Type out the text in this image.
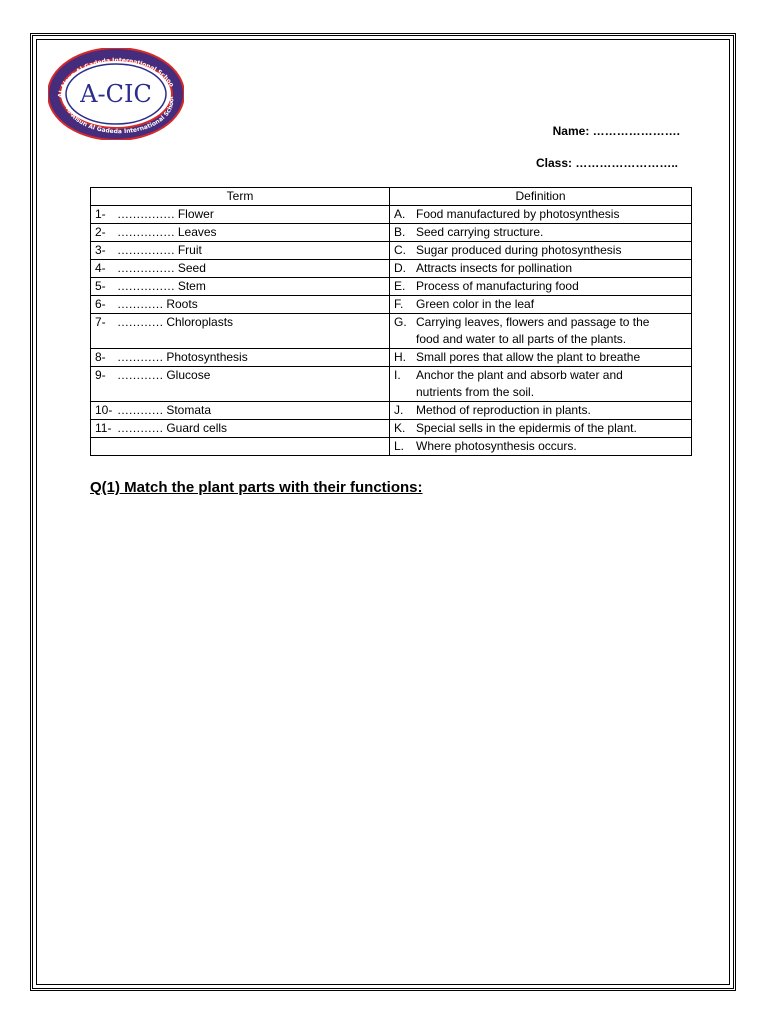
Al-Alsun Al Gadeda International Schoo
Al-Alsun Al Gadeda International School
A-CIC
Name: ………………….
Class: ……………………..
Term	Definition
1- …………… Flower	A. Food manufactured by photosynthesis
2- …………… Leaves	B. Seed carrying structure.
3- …………… Fruit	C. Sugar produced during photosynthesis
4- …………… Seed	D. Attracts insects for pollination
5- …………… Stem	E. Process of manufacturing food
6- ………… Roots	F. Green color in the leaf
7- ………… Chloroplasts	G. Carrying leaves, flowers and passage to the food and water to all parts of the plants.
8- ………… Photosynthesis	H. Small pores that allow the plant to breathe
9- ………… Glucose	I. Anchor the plant and absorb water and nutrients from the soil.
10- ………… Stomata	J. Method of reproduction in plants.
11- ………… Guard cells	K. Special sells in the epidermis of the plant.
	L. Where photosynthesis occurs.
Q(1) Match the plant parts with their functions:
